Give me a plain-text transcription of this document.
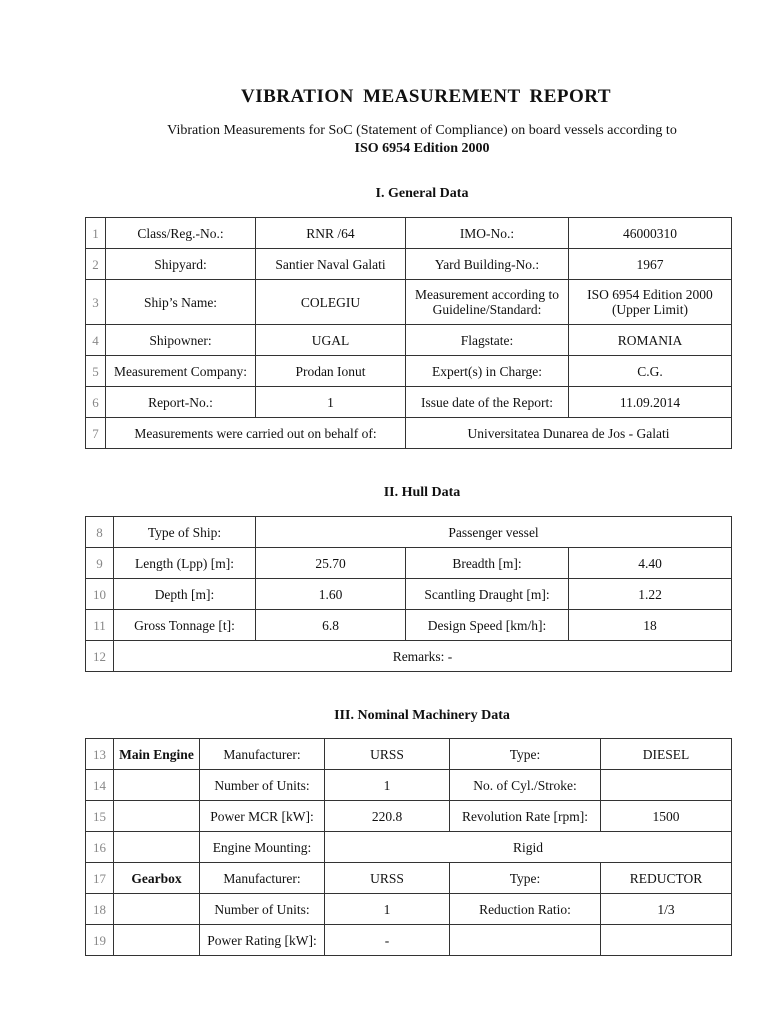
VIBRATION MEASUREMENT REPORT
Vibration Measurements for SoC (Statement of Compliance) on board vessels according to
ISO 6954 Edition 2000
I. General Data
1	Class/Reg.-No.:	RNR /64	IMO-No.:	46000310
2	Shipyard:	Santier Naval Galati	Yard Building-No.:	1967
3	Ship’s Name:	COLEGIU	Measurement according to Guideline/Standard:	ISO 6954 Edition 2000 (Upper Limit)
4	Shipowner:	UGAL	Flagstate:	ROMANIA
5	Measurement Company:	Prodan Ionut	Expert(s) in Charge:	C.G.
6	Report-No.:	1	Issue date of the Report:	11.09.2014
7	Measurements were carried out on behalf of:		Universitatea Dunarea de Jos - Galati	
II. Hull Data
8	Type of Ship:	Passenger vessel		
9	Length (Lpp) [m]:	25.70	Breadth [m]:	4.40
10	Depth [m]:	1.60	Scantling Draught [m]:	1.22
11	Gross Tonnage [t]:	6.8	Design Speed [km/h]:	18
12	Remarks: -			
III. Nominal Machinery Data
13	Main Engine	Manufacturer:	URSS	Type:	DIESEL
14		Number of Units:	1	No. of Cyl./Stroke:	
15		Power MCR [kW]:	220.8	Revolution Rate [rpm]:	1500
16		Engine Mounting:	Rigid		
17	Gearbox	Manufacturer:	URSS	Type:	REDUCTOR
18		Number of Units:	1	Reduction Ratio:	1/3
19		Power Rating [kW]:	-		
